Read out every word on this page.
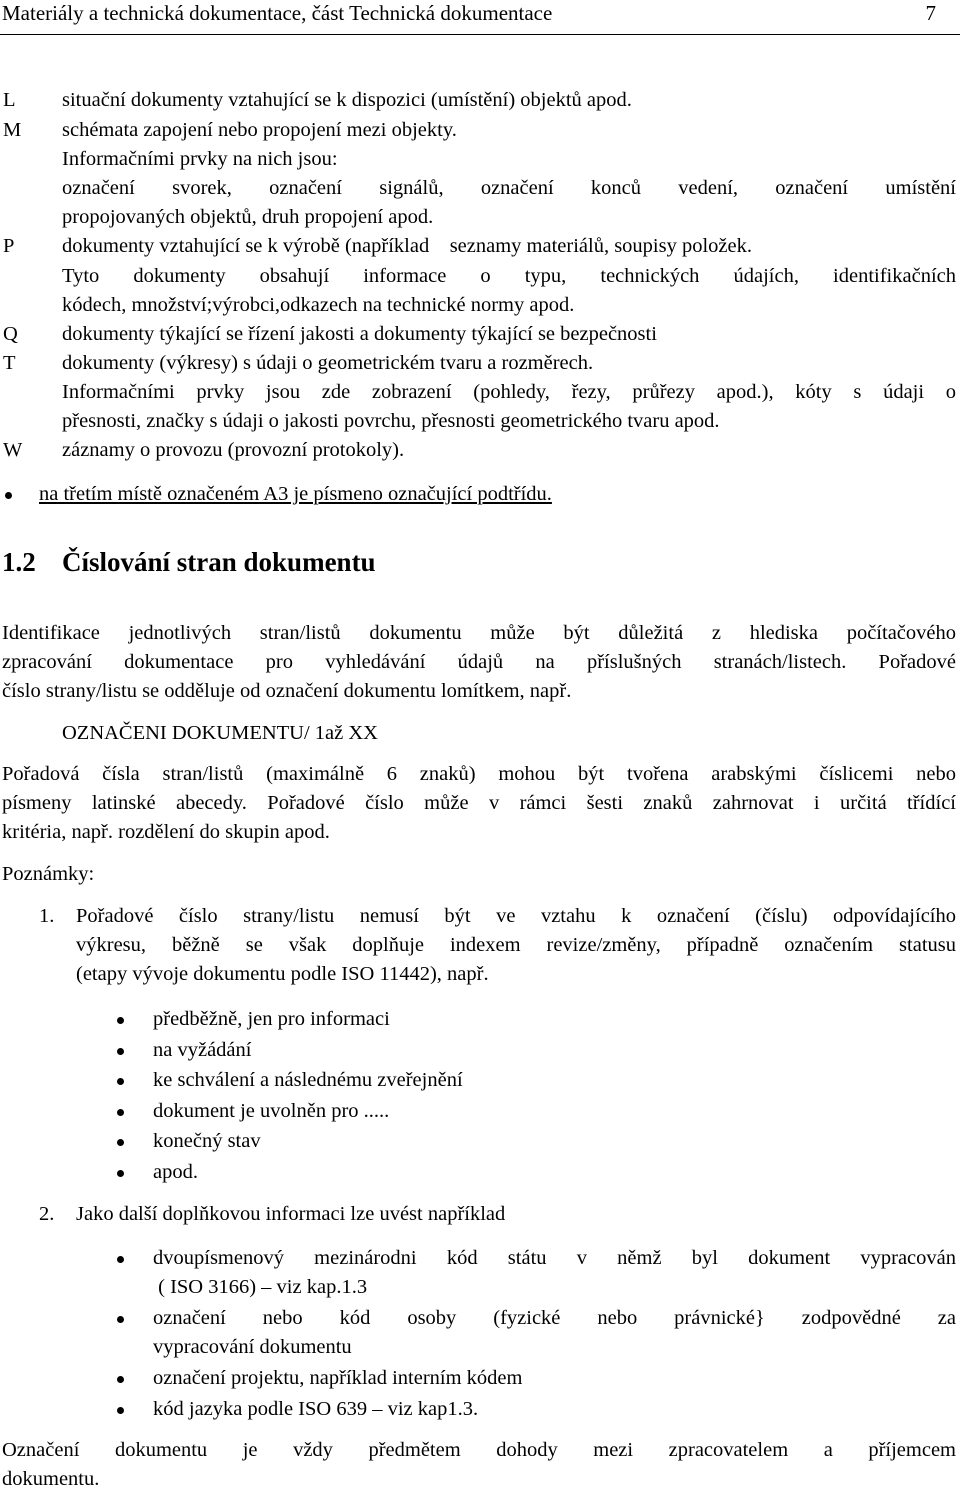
Materiály a technická dokumentace, část Technická dokumentace	7
L
M
P
Q
T
W
situační dokumenty vztahující se k dispozici (umístění) objektů apod.
schémata zapojení nebo propojení mezi objekty.
Informačními prvky na nich jsou:
označení svorek, označení signálů, označení konců vedení, označení umístění
propojovaných objektů, druh propojení apod.
dokumenty vztahující se k výrobě (například    seznamy materiálů, soupisy položek.
Tyto dokumenty obsahují informace o typu, technických údajích, identifikačních
kódech, množství;výrobci,odkazech na technické normy apod.
dokumenty týkající se řízení jakosti a dokumenty týkající se bezpečnosti
dokumenty (výkresy) s údaji o geometrickém tvaru a rozměrech.
Informačními prvky jsou zde zobrazení (pohledy, řezy, průřezy apod.), kóty s údaji o
přesnosti, značky s údaji o jakosti povrchu, přesnosti geometrického tvaru apod.
záznamy o provozu (provozní protokoly).
na třetím místě označeném A3 je písmeno označující podtřídu.
1.2 Číslování stran dokumentu
Identifikace jednotlivých stran/listů dokumentu může být důležitá z hlediska počítačového
zpracování dokumentace pro vyhledávání údajů na příslušných stranách/listech. Pořadové
číslo strany/listu se odděluje od označení dokumentu lomítkem, např.
OZNAČENI DOKUMENTU/ 1až XX
Pořadová čísla stran/listů (maximálně 6 znaků) mohou být tvořena arabskými číslicemi nebo
písmeny latinské abecedy. Pořadové číslo může v rámci šesti znaků zahrnovat i určitá třídící
kritéria, např. rozdělení do skupin apod.
Poznámky:
1. Pořadové číslo strany/listu nemusí být ve vztahu k označení (číslu) odpovídajícího
výkresu, běžně se však doplňuje indexem revize/změny, případně označením statusu
(etapy vývoje dokumentu podle ISO 11442), např.
předběžně, jen pro informaci
na vyžádání
ke schválení a následnému zveřejnění
dokument je uvolněn pro .....
konečný stav
apod.
2. Jako další doplňkovou informaci lze uvést například
dvoupísmenový mezinárodni kód státu v němž byl dokument vypracován
( ISO 3166) – viz kap.1.3
označení nebo kód osoby (fyzické nebo právnické} zodpovědné za
vypracování dokumentu
označení projektu, například interním kódem
kód jazyka podle ISO 639 – viz kap1.3.
Označení dokumentu je vždy předmětem dohody mezi zpracovatelem a příjemcem
dokumentu.
